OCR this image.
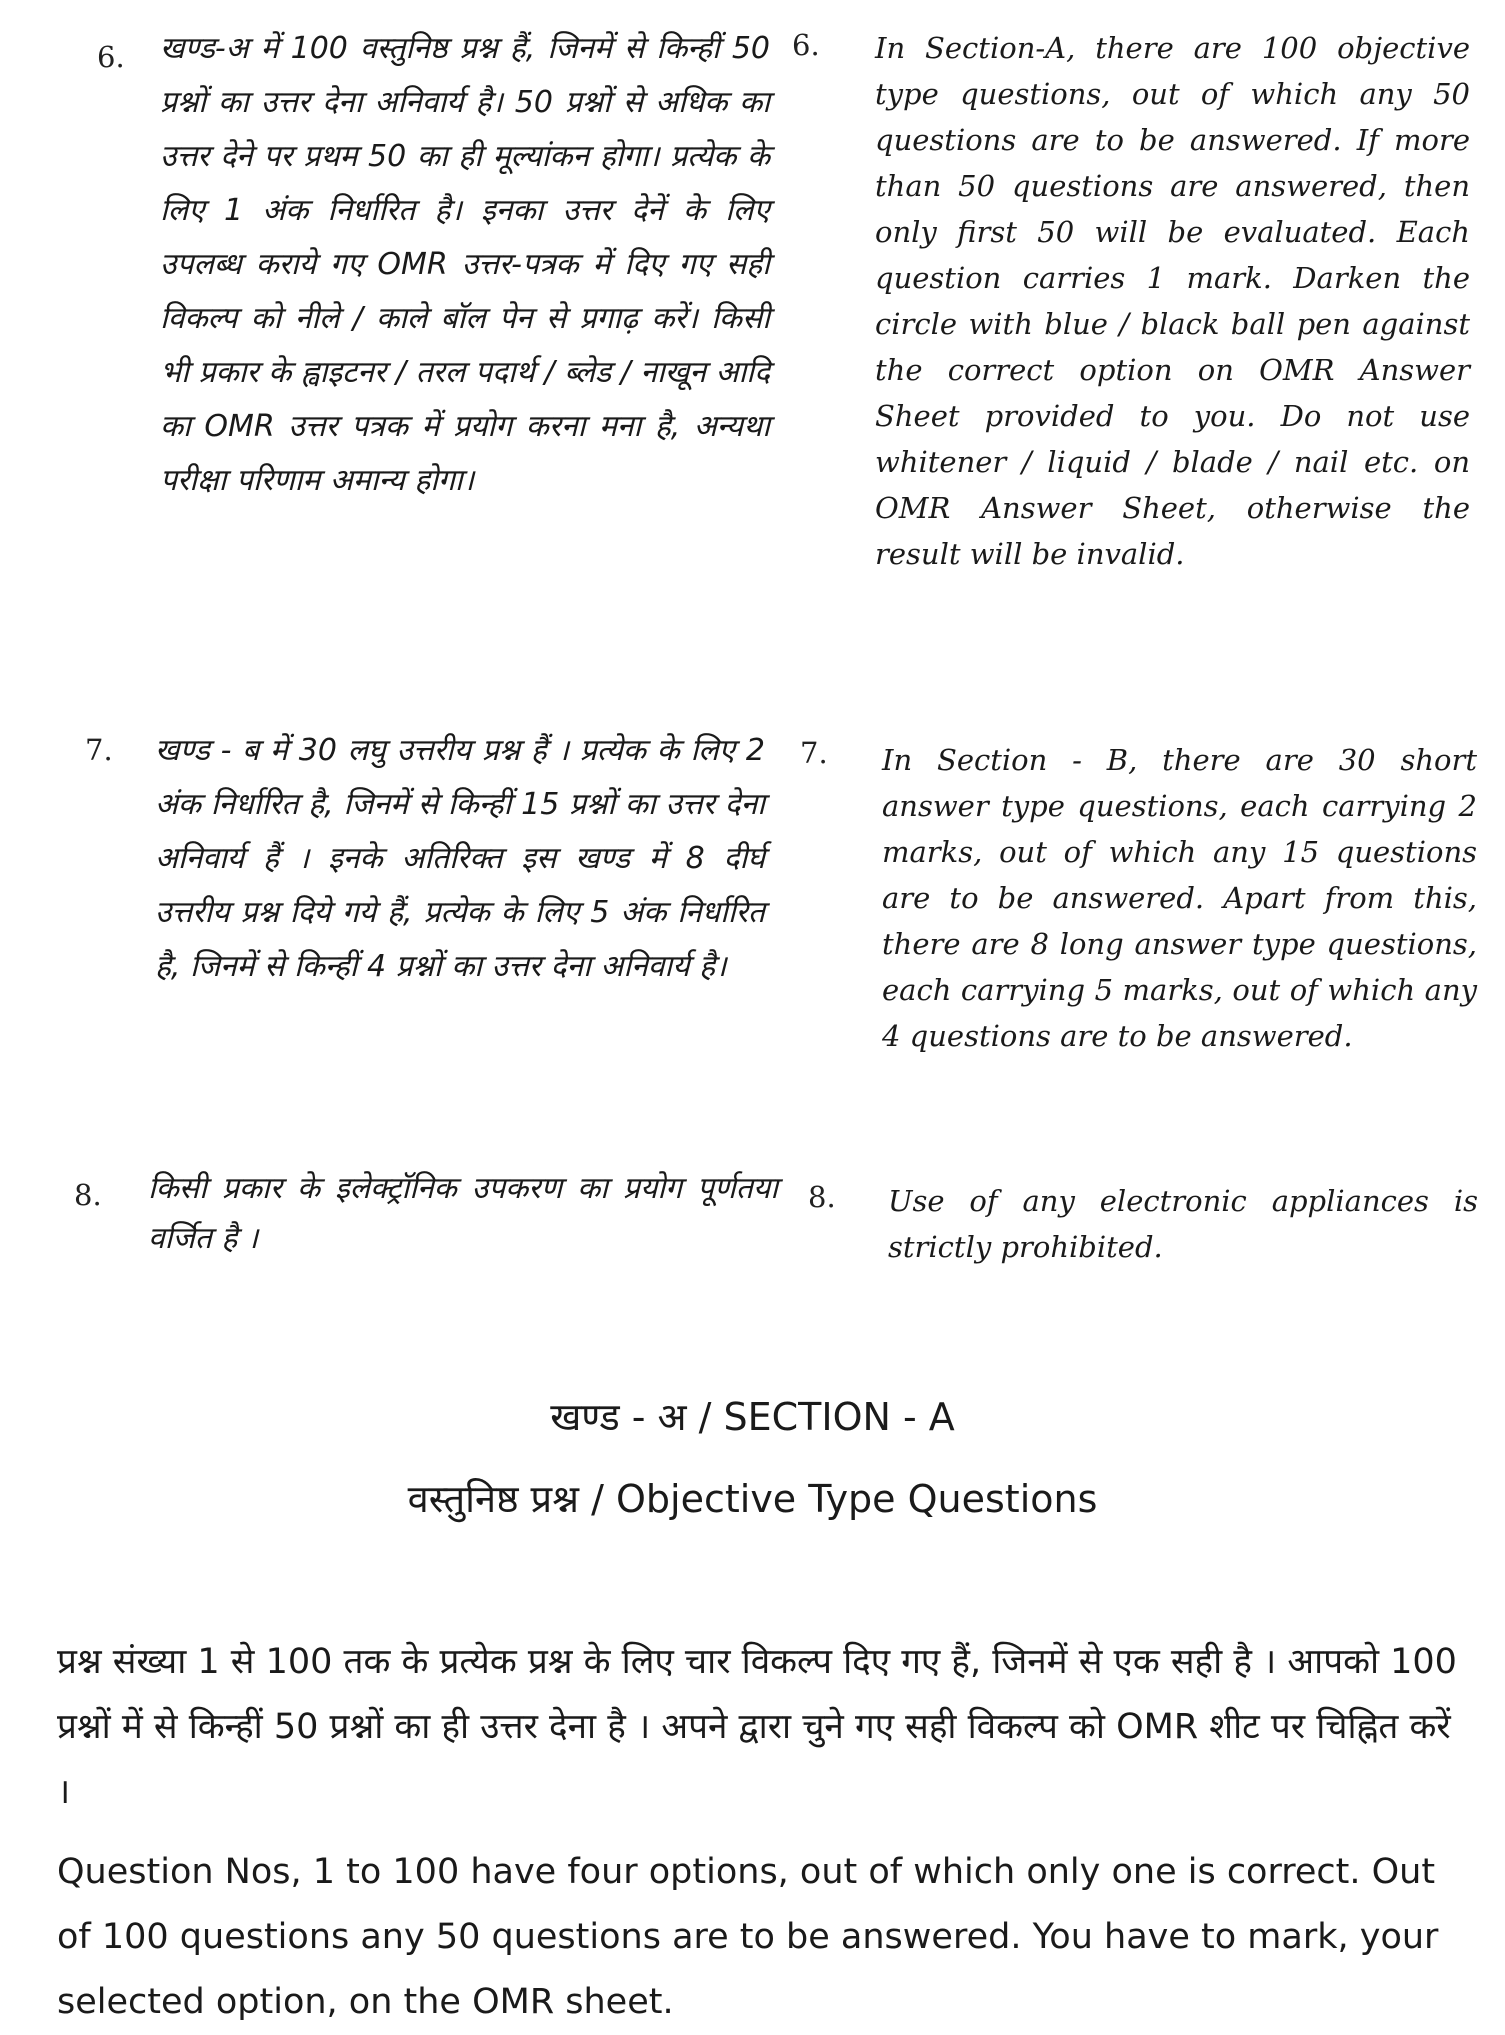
6. खण्ड-अ में 100 वस्तुनिष्ठ प्रश्न हैं, जिनमें से किन्हीं 50 प्रश्नों का उत्तर देना अनिवार्य है। 50 प्रश्नों से अधिक का उत्तर देने पर प्रथम 50 का ही मूल्यांकन होगा। प्रत्येक के लिए 1 अंक निर्धारित है। इनका उत्तर देनें के लिए उपलब्ध कराये गए OMR उत्तर-पत्रक में दिए गए सही विकल्प को नीले / काले बॉल पेन से प्रगाढ़ करें। किसी भी प्रकार के ह्वाइटनर / तरल पदार्थ / ब्लेड / नाखून आदि का OMR उत्तर पत्रक में प्रयोग करना मना है, अन्यथा परीक्षा परिणाम अमान्य होगा।
6. In Section-A, there are 100 objective type questions, out of which any 50 questions are to be answered. If more than 50 questions are answered, then only first 50 will be evaluated. Each question carries 1 mark. Darken the circle with blue / black ball pen against the correct option on OMR Answer Sheet provided to you. Do not use whitener / liquid / blade / nail etc. on OMR Answer Sheet, otherwise the result will be invalid.
7. खण्ड - ब में 30 लघु उत्तरीय प्रश्न हैं । प्रत्येक के लिए 2 अंक निर्धारित है, जिनमें से किन्हीं 15 प्रश्नों का उत्तर देना अनिवार्य हैं । इनके अतिरिक्त इस खण्ड में 8 दीर्घ उत्तरीय प्रश्न दिये गये हैं, प्रत्येक के लिए 5 अंक निर्धारित है, जिनमें से किन्हीं 4 प्रश्नों का उत्तर देना अनिवार्य है।
7. In Section - B, there are 30 short answer type questions, each carrying 2 marks, out of which any 15 questions are to be answered. Apart from this, there are 8 long answer type questions, each carrying 5 marks, out of which any 4 questions are to be answered.
8. किसी प्रकार के इलेक्ट्रॉनिक उपकरण का प्रयोग पूर्णतया वर्जित है ।
8. Use of any electronic appliances is strictly prohibited.
खण्ड - अ / SECTION - A
वस्तुनिष्ठ प्रश्न / Objective Type Questions
प्रश्न संख्या 1 से 100 तक के प्रत्येक प्रश्न के लिए चार विकल्प दिए गए हैं, जिनमें से एक सही है । आपको 100 प्रश्नों में से किन्हीं 50 प्रश्नों का ही उत्तर देना है । अपने द्वारा चुने गए सही विकल्प को OMR शीट पर चिह्नित करें ।
Question Nos, 1 to 100 have four options, out of which only one is correct. Out of 100 questions any 50 questions are to be answered. You have to mark, your selected option, on the OMR sheet.
